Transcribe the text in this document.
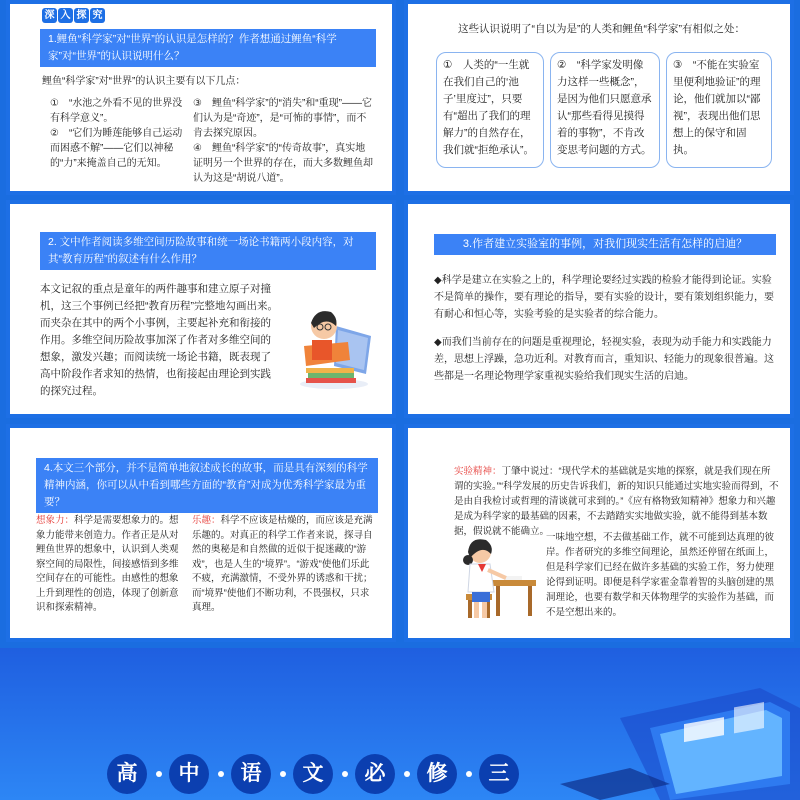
深 入 探 究
1.鲤鱼“科学家”对“世界”的认识是怎样的？作者想通过鲤鱼“科学家”对“世界”的认识说明什么？
鲤鱼“科学家”对“世界”的认识主要有以下几点：
①　“水池之外看不见的世界没有科学意义”。
②　“它们为睡莲能够自己运动而困惑不解”——它们以神秘的“力”来掩盖自己的无知。
③　鲤鱼“科学家”的“消失”和“重现”——它们认为是“奇迹”，是“可怖的事情”，而不肯去探究原因。
④　鲤鱼“科学家”的“传奇故事”，真实地证明另一个世界的存在，而大多数鲤鱼却认为这是“胡说八道”。
这些认识说明了“自以为是”的人类和鲤鱼“科学家”有相似之处：
①　人类的“一生就在我们自己的‘池子’里度过”，只要有“超出了我们的理解力”的自然存在，我们就“拒绝承认”。
②　“科学家发明像力这样一些概念”，是因为他们只愿意承认“那些看得见摸得着的事物”，不肯改变思考问题的方式。
③　“不能在实验室里便利地验证”的理论，他们就加以“鄙视”，表现出他们思想上的保守和固执。
2. 文中作者阅读多维空间历险故事和统一场论书籍两小段内容，对其“教育历程”的叙述有什么作用？
本文记叙的重点是童年的两件趣事和建立原子对撞机，这三个事例已经把“教育历程”完整地勾画出来。而夹杂在其中的两个小事例，主要起补充和衔接的作用。多维空间历险故事加深了作者对多维空间的想象，激发兴趣；而阅读统一场论书籍，既表现了高中阶段作者求知的热情，也衔接起由理论到实践的探究过程。
3.作者建立实验室的事例，对我们现实生活有怎样的启迪？
◆科学是建立在实验之上的，科学理论要经过实践的检验才能得到论证。实验不是简单的操作，要有理论的指导，要有实验的设计，要有策划组织能力，要有耐心和恒心等，实验考验的是实验者的综合能力。
◆而我们当前存在的问题是重视理论，轻视实验，表现为动手能力和实践能力差，思想上浮躁，急功近利。对教育而言，重知识、轻能力的现象很普遍。这些都是一名理论物理学家重视实验给我们现实生活的启迪。
4.本文三个部分，并不是简单地叙述成长的故事，而是具有深刻的科学精神内涵，你可以从中看到哪些方面的“教育”对成为优秀科学家最为重要？
想象力：科学是需要想象力的。想象力能带来创造力。作者正是从对鲤鱼世界的想象中，认识到人类观察空间的局限性，间接感悟到多维空间存在的可能性。由感性的想象上升到理性的创造，体现了创新意识和探索精神。
乐趣：科学不应该是枯燥的，而应该是充满乐趣的。对真正的科学工作者来说，探寻自然的奥秘是和自然做的近似于捉迷藏的“游戏”，也是人生的“境界”。“游戏”使他们乐此不疲，充满激情，不受外界的诱惑和干扰；而“境界”使他们不断功利，不畏强权，只求真理。
实验精神：丁肇中说过：“现代学术的基础就是实地的探察，就是我们现在所谓的实验。”“科学发展的历史告诉我们，新的知识只能通过实地实验而得到，不是由自我检讨或哲理的清谈就可求到的。”《应有格物致知精神》想象力和兴趣是成为科学家的最基础的因素，不去踏踏实实地做实验，就不能得到基本数据，假说就不能确立。
一味地空想，不去做基础工作，就不可能到达真理的彼岸。作者研究的多维空间理论，虽然还停留在纸面上，但是科学家们已经在做许多基础的实验工作，努力使理论得到证明。即便是科学家霍金靠着智的头脑创建的黑洞理论，也要有数学和天体物理学的实验作为基础，而不是空想出来的。
高	中	语	文	必	修	三
